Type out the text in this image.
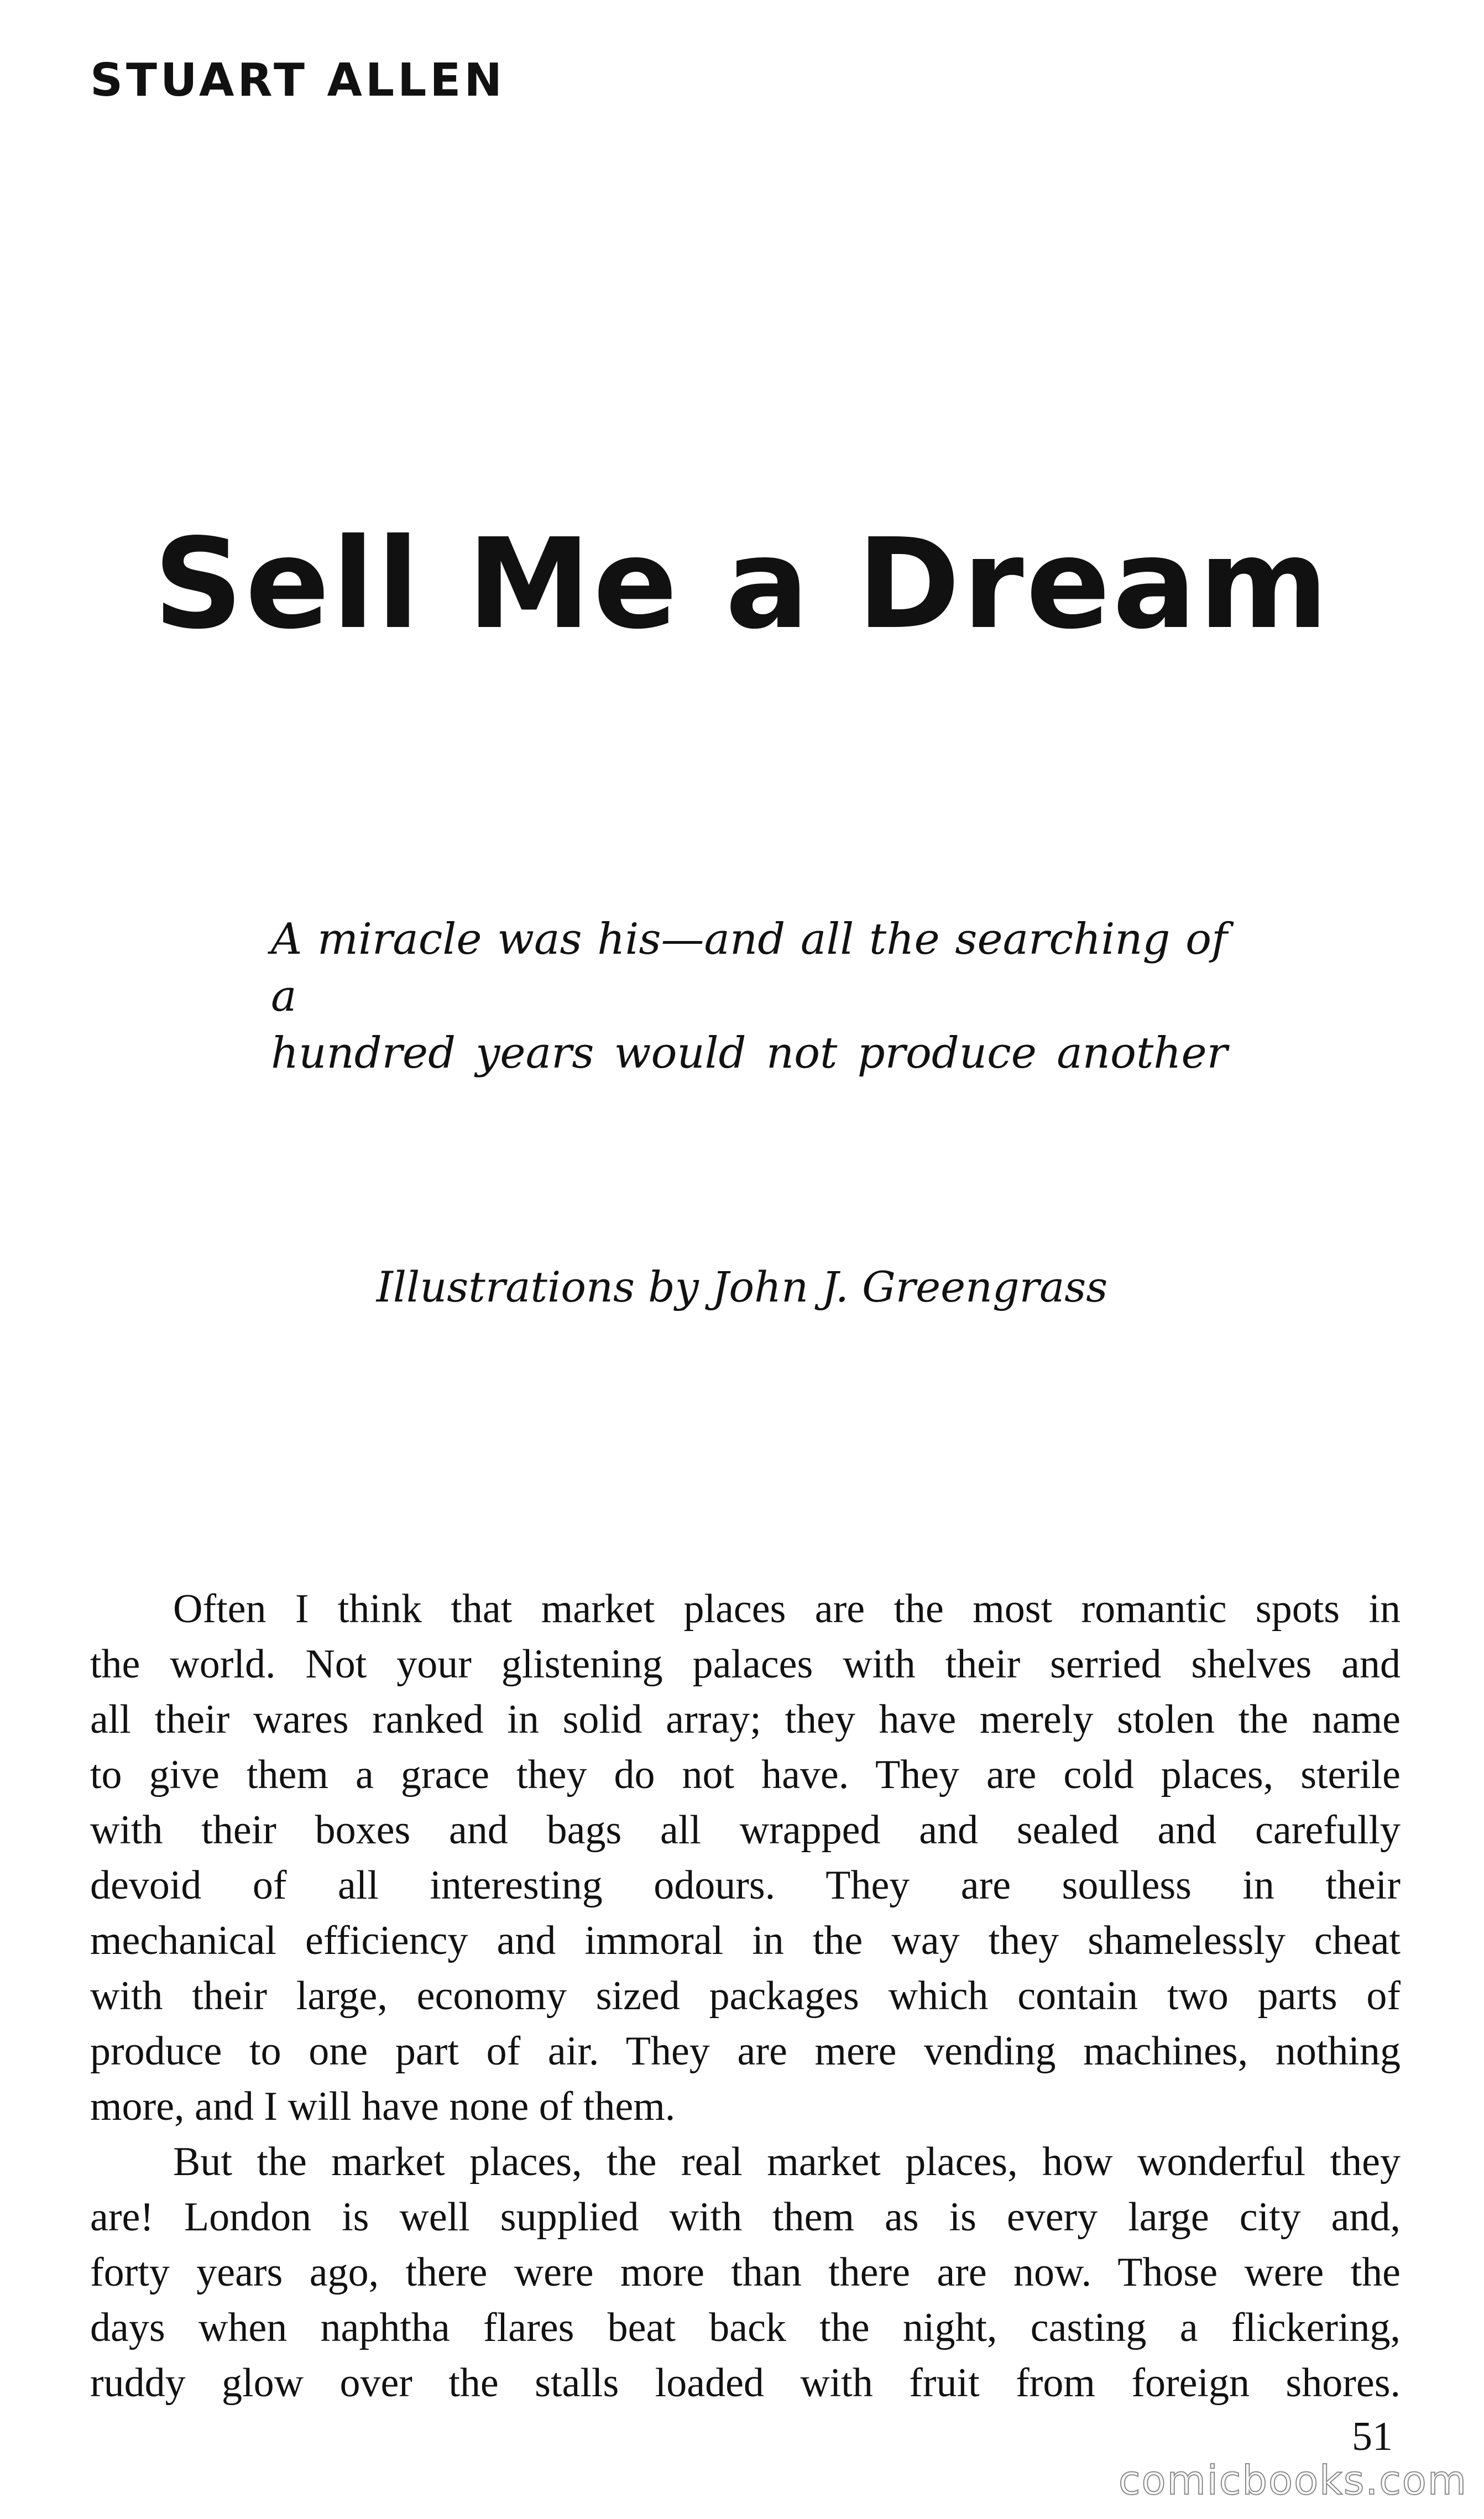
STUART ALLEN
Sell Me a Dream
A miracle was his—and all the searching of a
hundred years would not produce another
Illustrations by John J. Greengrass

Often I think that market places are the most romantic spots in
the world. Not your glistening palaces with their serried shelves and
all their wares ranked in solid array; they have merely stolen the name
to give them a grace they do not have. They are cold places, sterile
with their boxes and bags all wrapped and sealed and carefully
devoid of all interesting odours. They are soulless in their
mechanical efficiency and immoral in the way they shamelessly cheat
with their large, economy sized packages which contain two parts of
produce to one part of air. They are mere vending machines, nothing
more, and I will have none of them.

But the market places, the real market places, how wonderful they
are! London is well supplied with them as is every large city and,
forty years ago, there were more than there are now. Those were the
days when naphtha flares beat back the night, casting a flickering,
ruddy glow over the stalls loaded with fruit from foreign shores.

51
comicbooks.com
